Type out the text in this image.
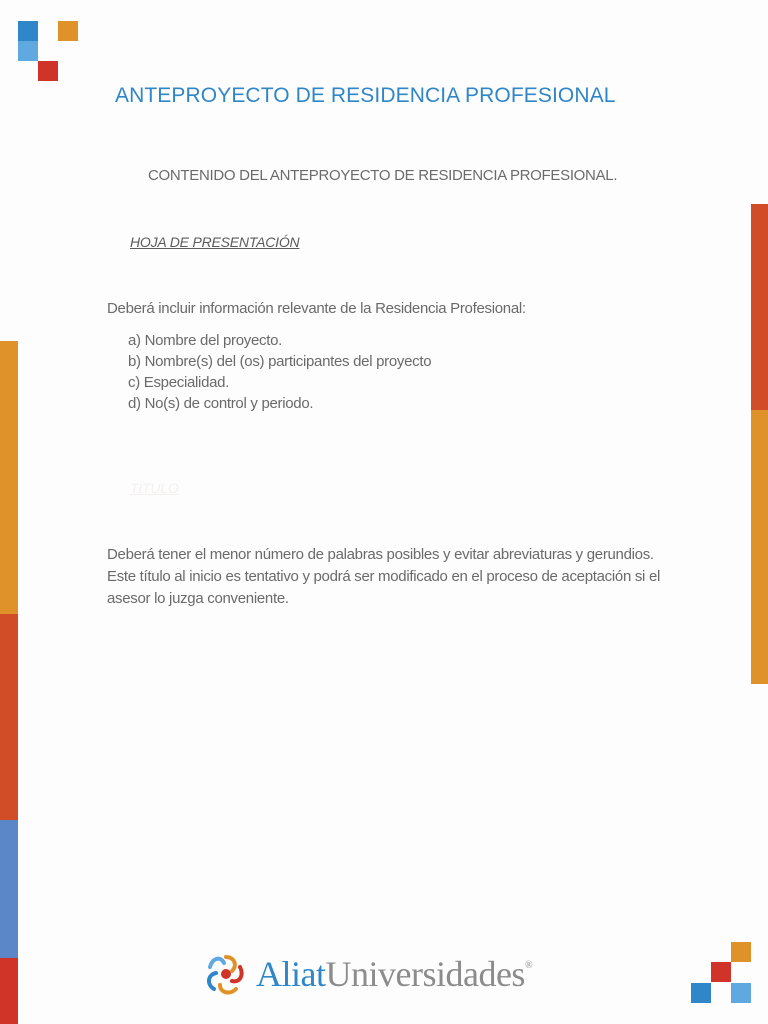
ANTEPROYECTO DE RESIDENCIA PROFESIONAL
CONTENIDO DEL ANTEPROYECTO DE RESIDENCIA PROFESIONAL.
HOJA DE PRESENTACIÓN
Deberá incluir información relevante de la Residencia Profesional:
a) Nombre del proyecto.
b) Nombre(s) del (os) participantes del proyecto
c) Especialidad.
d) No(s) de control y periodo.
TÍTULO
Deberá tener el menor número de palabras posibles y evitar abreviaturas y gerundios. Este título al inicio es tentativo y podrá ser modificado en el proceso de aceptación si el asesor lo juzga conveniente.
AliatUniversidades®
